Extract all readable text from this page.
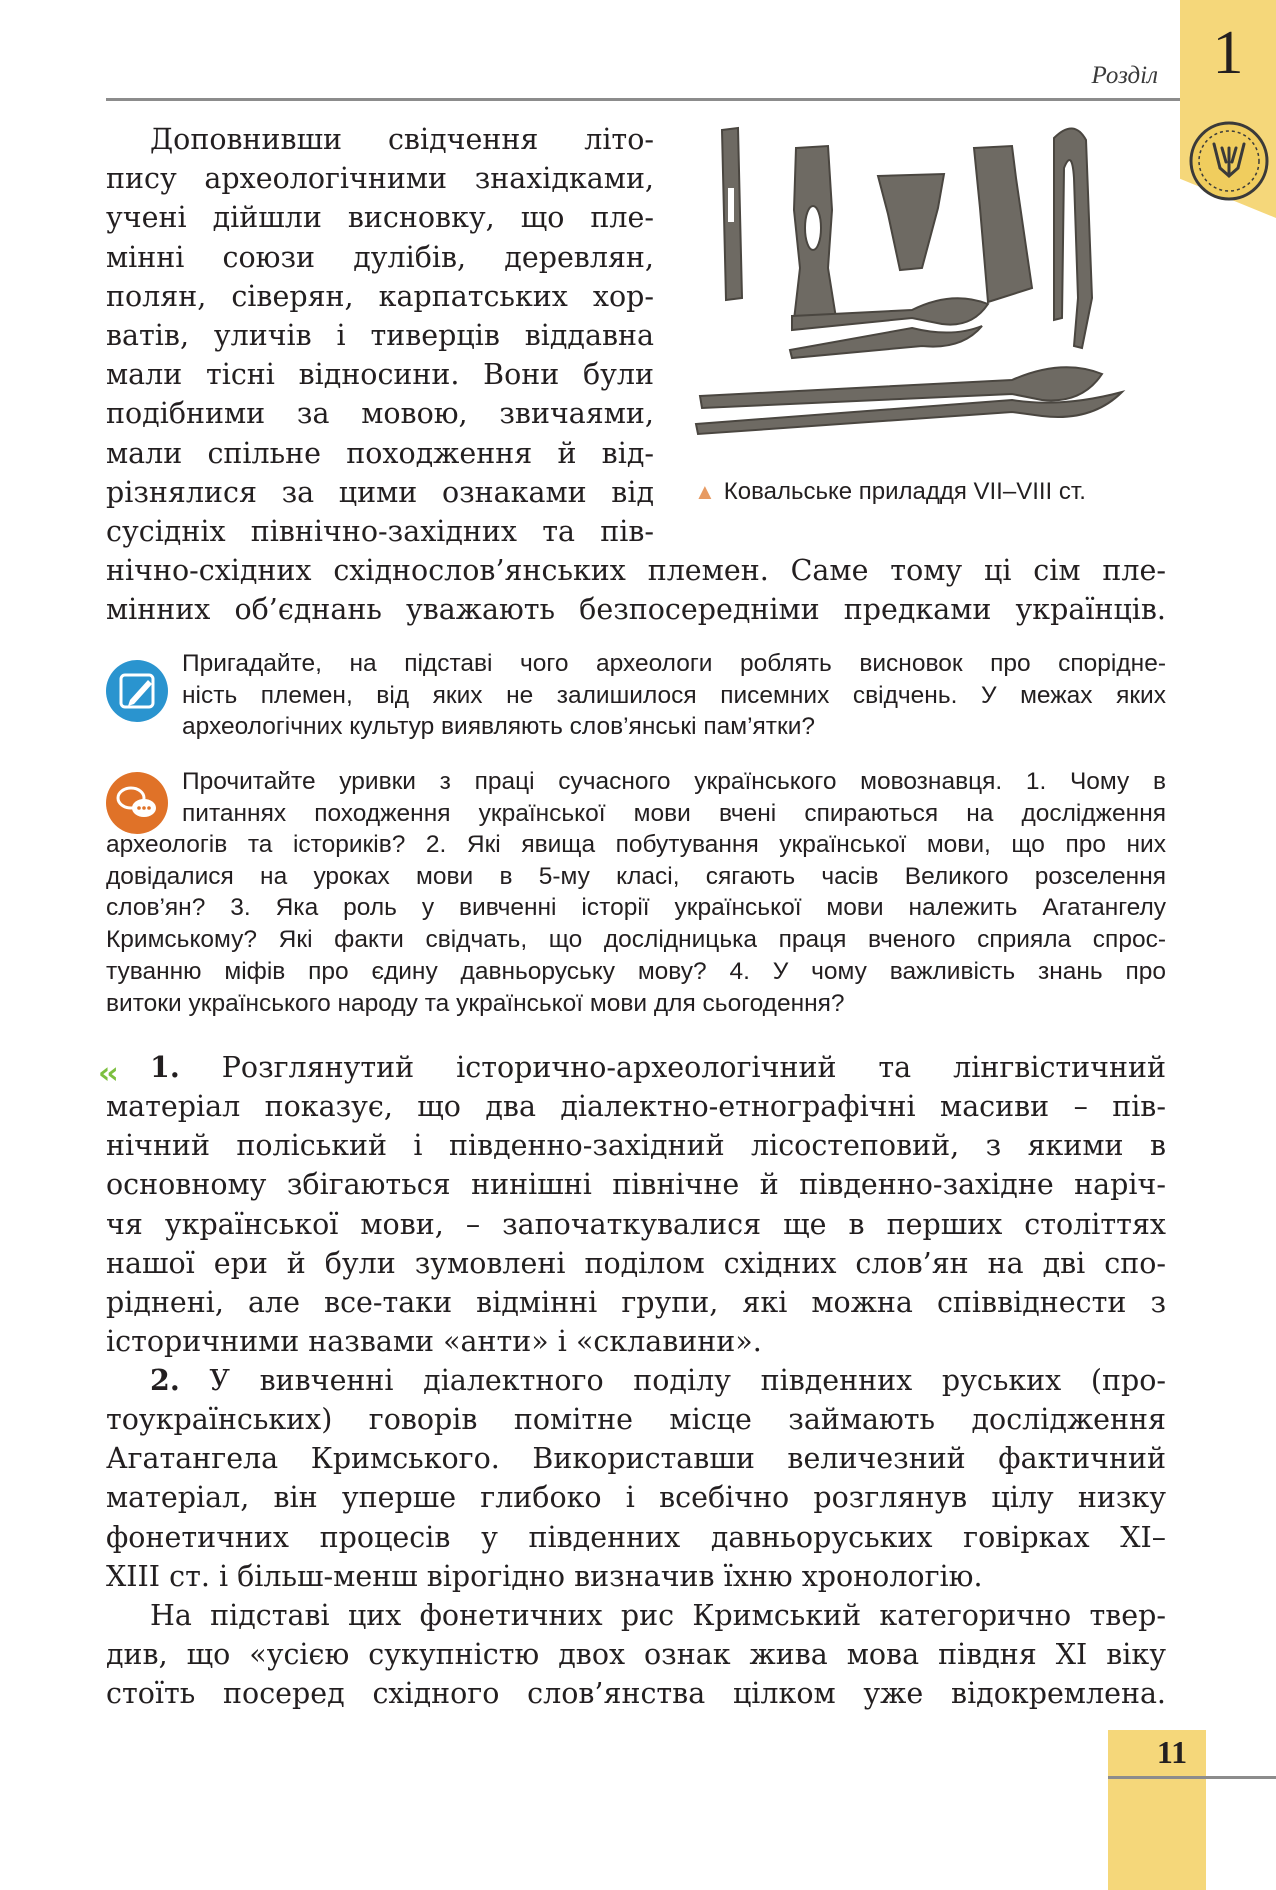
1
Розділ
Доповнивши свідчення літо-
пису археологічними знахідками,
учені дійшли висновку, що пле-
мінні союзи дулібів, деревлян,
полян, сіверян, карпатських хор-
ватів, уличів і тиверців віддавна
мали тісні відносини. Вони були
подібними за мовою, звичаями,
мали спільне походження й від-
різнялися за цими ознаками від
сусідніх північно-західних та пів-
нічно-східних східнослов’янських племен. Саме тому ці сім пле-
мінних об’єднань уважають безпосередніми предками українців.
▲ Ковальське приладдя VII–VIII ст.
Пригадайте, на підставі чого археологи роблять висновок про споріднe-
ність племен, від яких не залишилося писемних свідчень. У межах яких
археологічних культур виявляють слов’янські пам’ятки?
Прочитайте уривки з праці сучасного українського мовознавця. 1. Чому в
питаннях походження української мови вчені спираються на дослідження
археологів та істориків? 2. Які явища побутування української мови, що про них
довідалися на уроках мови в 5-му класі, сягають часів Великого розселення
слов’ян? 3. Яка роль у вивченні історії української мови належить Агатангелу
Кримському? Які факти свідчать, що дослідницька праця вченого сприяла спрос-
туванню міфів про єдину давньоруську мову? 4. У чому важливість знань про
витоки українського народу та української мови для сьогодення?
‹‹ 1. Розглянутий історично-археологічний та лінгвістичний
матеріал показує, що два діалектно-етнографічні масиви – пів-
нічний поліський і південно-західний лісостеповий, з якими в
основному збігаються нинішні північне й південно-західне наріч-
чя української мови, – започаткувалися ще в перших століттях
нашої ери й були зумовлені поділом східних слов’ян на дві спо-
ріднені, але все-таки відмінні групи, які можна співвіднести з
історичними назвами «анти» і «склавини».
2. У вивченні діалектного поділу південних руських (про-
тоукраїнських) говорів помітне місце займають дослідження
Агатангела Кримського. Використавши величезний фактичний
матеріал, він уперше глибоко і всебічно розглянув цілу низку
фонетичних процесів у південних давньоруських говірках XI–
XIII ст. і більш-менш вірогідно визначив їхню хронологію.
На підставі цих фонетичних рис Кримський категорично твер-
див, що «усією сукупністю двох ознак жива мова півдня XI віку
стоїть посеред східного слов’янства цілком уже відокремлена.
11
